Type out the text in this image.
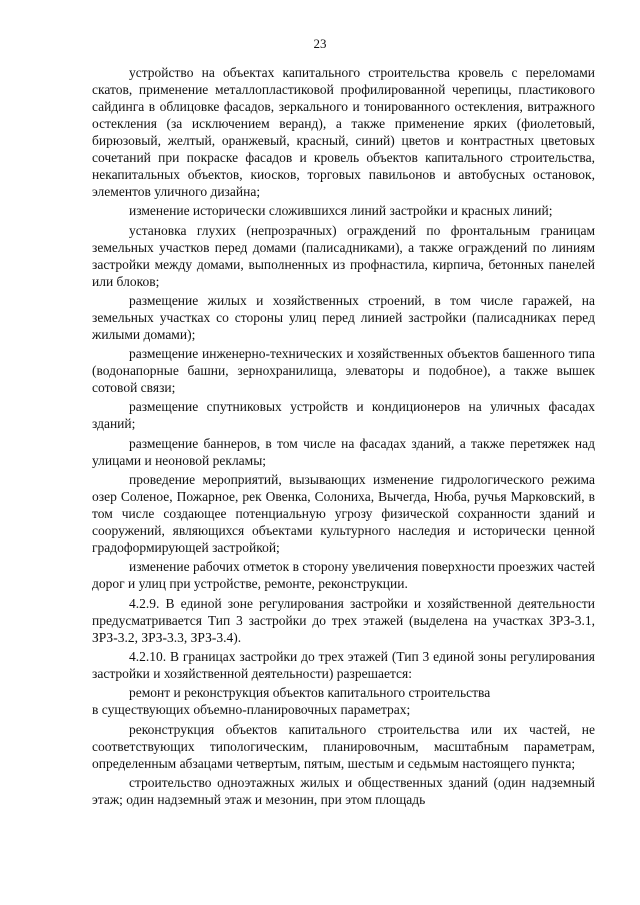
23

устройство на объектах капитального строительства кровель с переломами скатов, применение металлопластиковой профилированной черепицы, пластикового сайдинга в облицовке фасадов, зеркального и тонированного остекления, витражного остекления (за исключением веранд), а также применение ярких (фиолетовый, бирюзовый, желтый, оранжевый, красный, синий) цветов и контрастных цветовых сочетаний при покраске фасадов и кровель объектов капитального строительства, некапитальных объектов, киосков, торговых павильонов и автобусных остановок, элементов уличного дизайна;

изменение исторически сложившихся линий застройки и красных линий;

установка глухих (непрозрачных) ограждений по фронтальным границам земельных участков перед домами (палисадниками), а также ограждений по линиям застройки между домами, выполненных из профнастила, кирпича, бетонных панелей или блоков;

размещение жилых и хозяйственных строений, в том числе гаражей, на земельных участках со стороны улиц перед линией застройки (палисадниках перед жилыми домами);

размещение инженерно-технических и хозяйственных объектов башенного типа (водонапорные башни, зернохранилища, элеваторы и подобное), а также вышек сотовой связи;

размещение спутниковых устройств и кондиционеров на уличных фасадах зданий;

размещение баннеров, в том числе на фасадах зданий, а также перетяжек над улицами и неоновой рекламы;

проведение мероприятий, вызывающих изменение гидрологического режима озер Соленое, Пожарное, рек Овенка, Солониха, Вычегда, Нюба, ручья Марковский, в том числе создающее потенциальную угрозу физической сохранности зданий и сооружений, являющихся объектами культурного наследия и исторически ценной градоформирующей застройкой;

изменение рабочих отметок в сторону увеличения поверхности проезжих частей дорог и улиц при устройстве, ремонте, реконструкции.

4.2.9. В единой зоне регулирования застройки и хозяйственной деятельности предусматривается Тип 3 застройки до трех этажей (выделена на участках ЗРЗ-3.1, ЗРЗ-3.2, ЗРЗ-3.3, ЗРЗ-3.4).

4.2.10. В границах застройки до трех этажей (Тип 3 единой зоны регулирования застройки и хозяйственной деятельности) разрешается:

ремонт и реконструкция объектов капитального строительства

в существующих объемно-планировочных параметрах;

реконструкция объектов капитального строительства или их частей, не соответствующих типологическим, планировочным, масштабным параметрам, определенным абзацами четвертым, пятым, шестым и седьмым настоящего пункта;

строительство одноэтажных жилых и общественных зданий (один надземный этаж; один надземный этаж и мезонин, при этом площадь
